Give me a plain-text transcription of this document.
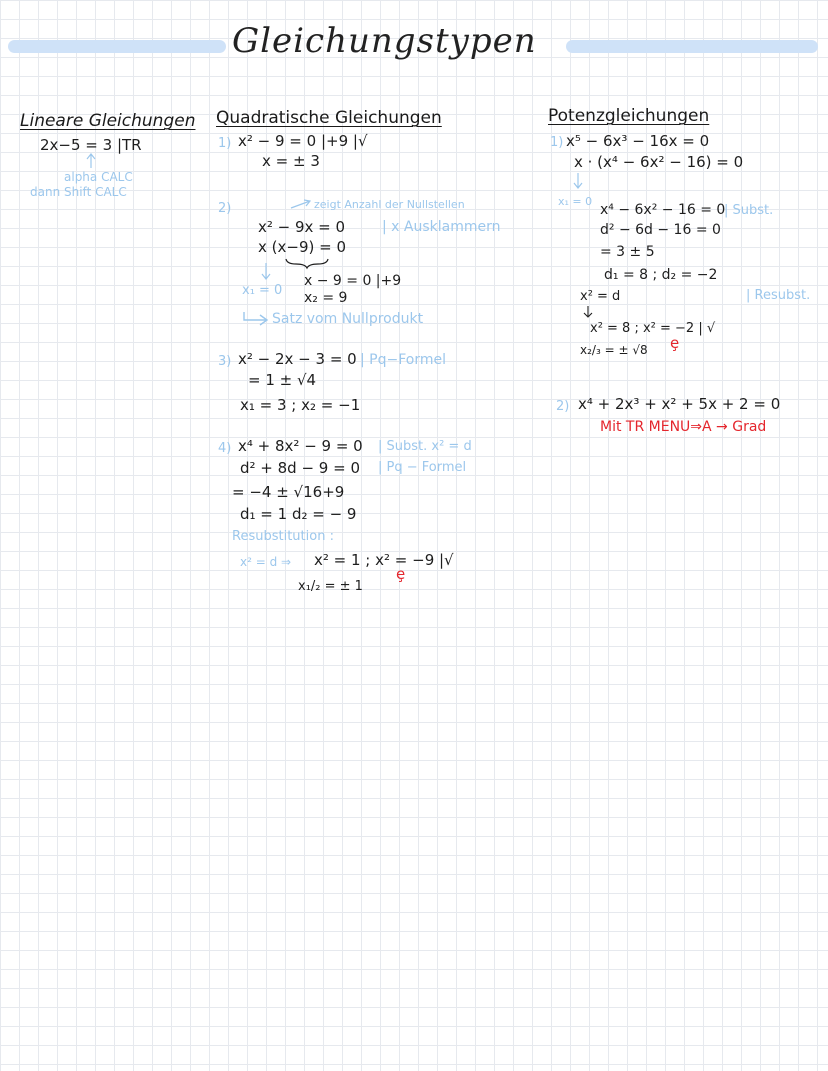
Gleichungstypen
Lineare Gleichungen
2x−5 = 3 |TR
alpha CALC
dann Shift CALC
Quadratische Gleichungen
1) x² − 9 = 0 |+9 |√
x = ± 3
2)	zeigt Anzahl der Nullstellen
x² − 9x = 0	| x Ausklammern
x (x−9) = 0
x − 9 = 0 |+9
x₁ = 0 x₂ = 9
Satz vom Nullprodukt
3) x² − 2x − 3 = 0 | Pq−Formel
= 1 ± √4
x₁ = 3 ; x₂ = −1
4) x⁴ + 8x² − 9 = 0 | Subst. x² = d
d² + 8d − 9 = 0 | Pq − Formel
= −4 ± √16+9
d₁ = 1 d₂ = − 9
Resubstitution :
x² = d ⇒ x² = 1 ; x² = −9 |√
ȩ
x₁/₂ = ± 1
Potenzgleichungen
1) x⁵ − 6x³ − 16x = 0
x · (x⁴ − 6x² − 16) = 0
x₁ = 0
x⁴ − 6x² − 16 = 0
| Subst.
d² − 6d − 16 = 0
= 3 ± 5
d₁ = 8 ; d₂ = −2
| Resubst.
x² = d
x² = 8 ; x² = −2 | √
x₂/₃ = ± √8 ȩ
2) x⁴ + 2x³ + x² + 5x + 2 = 0
Mit TR MENU⇒A → Grad
